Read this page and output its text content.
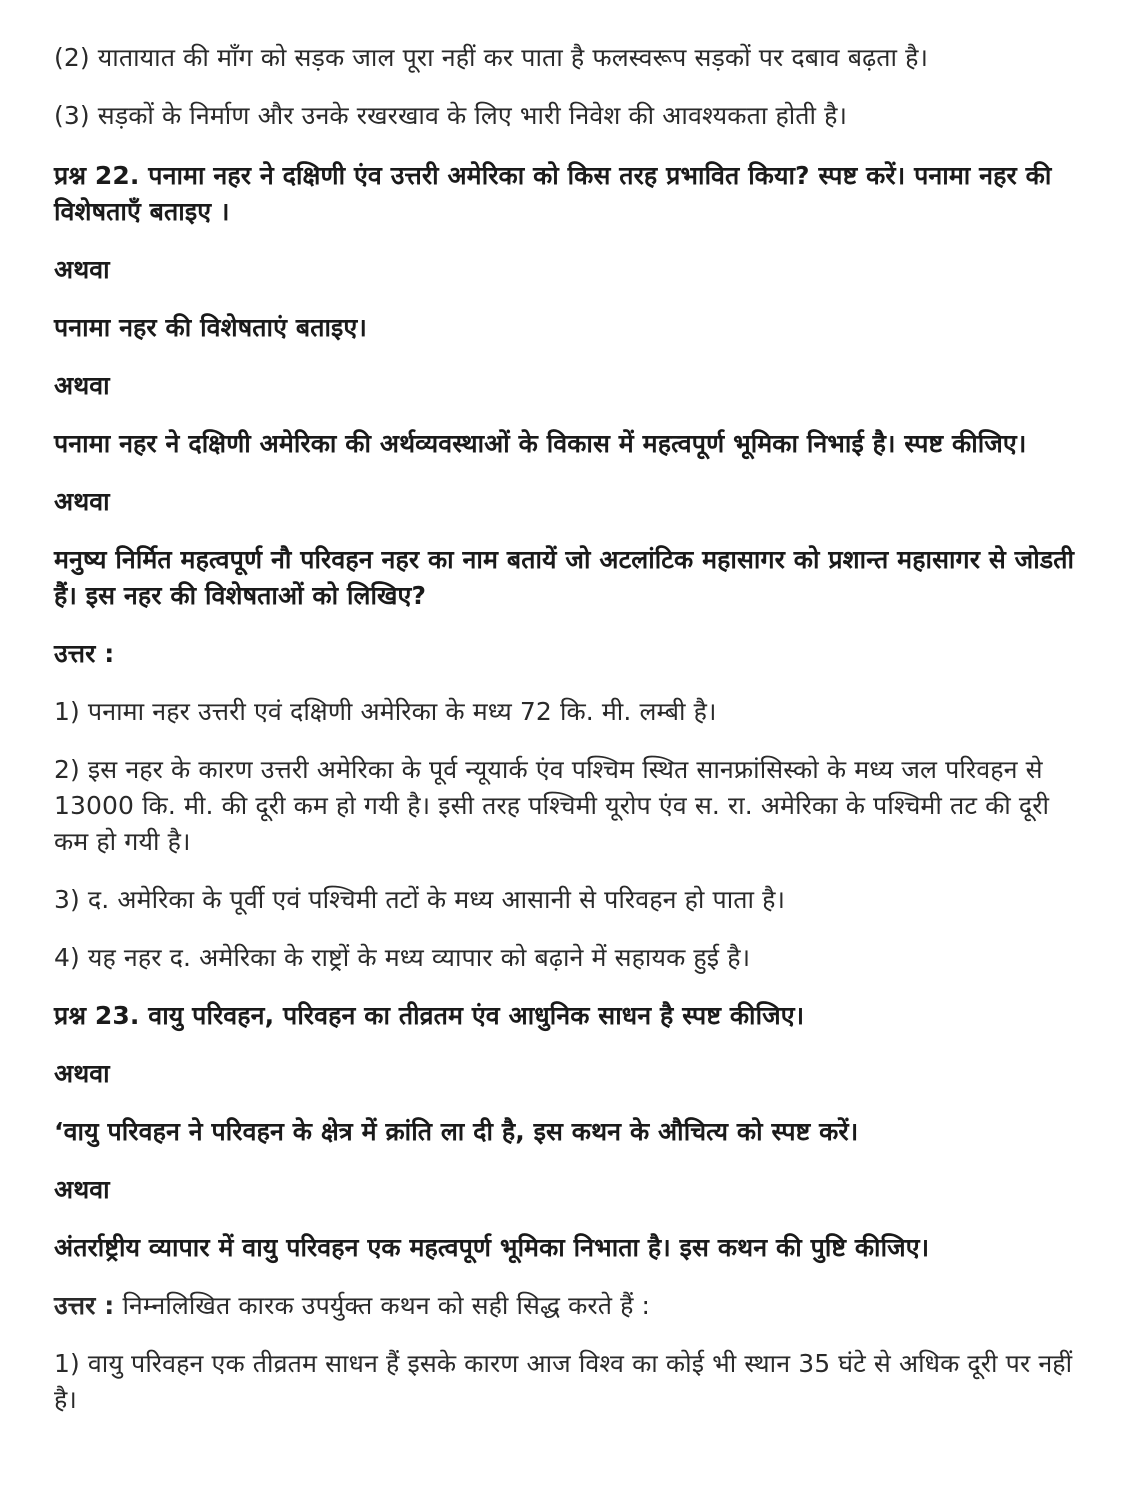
(2) यातायात की माँग को सड़क जाल पूरा नहीं कर पाता है फलस्वरूप सड़कों पर दबाव बढ़ता है।

(3) सड़कों के निर्माण और उनके रखरखाव के लिए भारी निवेश की आवश्यकता होती है।

प्रश्न 22. पनामा नहर ने दक्षिणी एंव उत्तरी अमेरिका को किस तरह प्रभावित किया? स्पष्ट करें। पनामा नहर की विशेषताएँ बताइए ।

अथवा

पनामा नहर की विशेषताएं बताइए।

अथवा

पनामा नहर ने दक्षिणी अमेरिका की अर्थव्यवस्थाओं के विकास में महत्वपूर्ण भूमिका निभाई है। स्पष्ट कीजिए।

अथवा

मनुष्य निर्मित महत्वपूर्ण नौ परिवहन नहर का नाम बतायें जो अटलांटिक महासागर को प्रशान्त महासागर से जोडती हैं। इस नहर की विशेषताओं को लिखिए?

उत्तर :

1) पनामा नहर उत्तरी एवं दक्षिणी अमेरिका के मध्य 72 कि. मी. लम्बी है।

2) इस नहर के कारण उत्तरी अमेरिका के पूर्व न्यूयार्क एंव पश्चिम स्थित सानफ्रांसिस्को के मध्य जल परिवहन से 13000 कि. मी. की दूरी कम हो गयी है। इसी तरह पश्चिमी यूरोप एंव स. रा. अमेरिका के पश्चिमी तट की दूरी कम हो गयी है।

3) द. अमेरिका के पूर्वी एवं पश्चिमी तटों के मध्य आसानी से परिवहन हो पाता है।

4) यह नहर द. अमेरिका के राष्ट्रों के मध्य व्यापार को बढ़ाने में सहायक हुई है।

प्रश्न 23. वायु परिवहन, परिवहन का तीव्रतम एंव आधुनिक साधन है स्पष्ट कीजिए।

अथवा

‘वायु परिवहन ने परिवहन के क्षेत्र में क्रांति ला दी है, इस कथन के औचित्य को स्पष्ट करें।

अथवा

अंतर्राष्ट्रीय व्यापार में वायु परिवहन एक महत्वपूर्ण भूमिका निभाता है। इस कथन की पुष्टि कीजिए।

उत्तर : निम्नलिखित कारक उपर्युक्त कथन को सही सिद्ध करते हैं :

1) वायु परिवहन एक तीव्रतम साधन हैं इसके कारण आज विश्व का कोई भी स्थान 35 घंटे से अधिक दूरी पर नहीं है।
